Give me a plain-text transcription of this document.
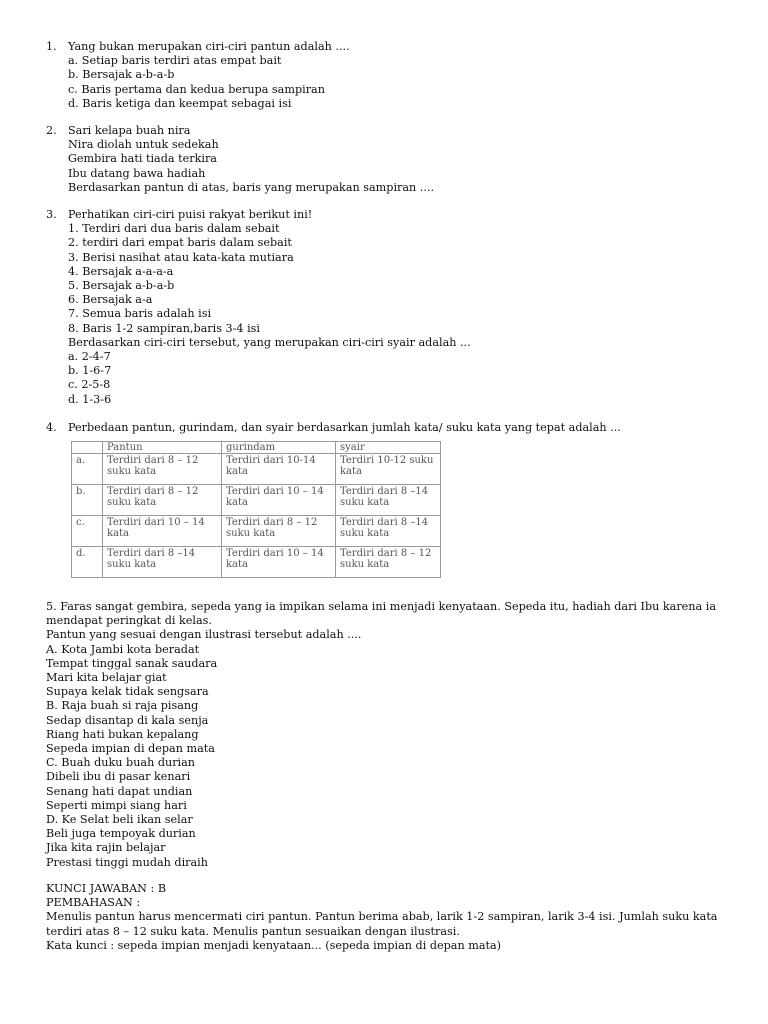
1.	Yang bukan merupakan ciri-ciri pantun adalah ....
a. Setiap baris terdiri atas empat bait
b. Bersajak a-b-a-b
c. Baris pertama dan kedua berupa sampiran
d. Baris ketiga dan keempat sebagai isi
2.	Sari kelapa buah nira
Nira diolah untuk sedekah
Gembira hati tiada terkira
Ibu datang bawa hadiah
Berdasarkan pantun di atas, baris yang merupakan sampiran ....
3.	Perhatikan ciri-ciri puisi rakyat berikut ini!
1. Terdiri dari dua baris dalam sebait
2. terdiri dari empat baris dalam sebait
3. Berisi nasihat atau kata-kata mutiara
4. Bersajak a-a-a-a
5. Bersajak a-b-a-b
6. Bersajak a-a
7. Semua baris adalah isi
8. Baris 1-2 sampiran,baris 3-4 isi
Berdasarkan ciri-ciri tersebut, yang merupakan ciri-ciri syair adalah ...
a. 2-4-7
b. 1-6-7
c. 2-5-8
d. 1-3-6
4.	Perbedaan pantun, gurindam, dan syair berdasarkan jumlah kata/ suku kata yang tepat adalah ...
	Pantun	gurindam	syair
a.	Terdiri dari 8 – 12 suku kata	Terdiri dari 10-14 kata	Terdiri 10-12 suku kata
b.	Terdiri dari 8 – 12 suku kata	Terdiri dari 10 – 14 kata	Terdiri dari 8 –14 suku kata
c.	Terdiri dari 10 – 14 kata	Terdiri dari 8 – 12 suku kata	Terdiri dari 8 –14 suku kata
d.	Terdiri dari 8 –14 suku kata	Terdiri dari 10 – 14 kata	Terdiri dari 8 – 12 suku kata
5. Faras sangat gembira, sepeda yang ia impikan selama ini menjadi kenyataan. Sepeda itu, hadiah dari Ibu karena ia mendapat peringkat di kelas.
Pantun yang sesuai dengan ilustrasi tersebut adalah ....
A. Kota Jambi kota beradat
Tempat tinggal sanak saudara
Mari kita belajar giat
Supaya kelak tidak sengsara
B. Raja buah si raja pisang
Sedap disantap di kala senja
Riang hati bukan kepalang
Sepeda impian di depan mata
C. Buah duku buah durian
Dibeli ibu di pasar kenari
Senang hati dapat undian
Seperti mimpi siang hari
D. Ke Selat beli ikan selar
Beli juga tempoyak durian
Jika kita rajin belajar
Prestasi tinggi mudah diraih
KUNCI JAWABAN : B
PEMBAHASAN :
Menulis pantun harus mencermati ciri pantun. Pantun berima abab, larik 1-2 sampiran, larik 3-4 isi. Jumlah suku kata terdiri atas 8 – 12 suku kata. Menulis pantun sesuaikan dengan ilustrasi.
Kata kunci : sepeda impian menjadi kenyataan... (sepeda impian di depan mata)
